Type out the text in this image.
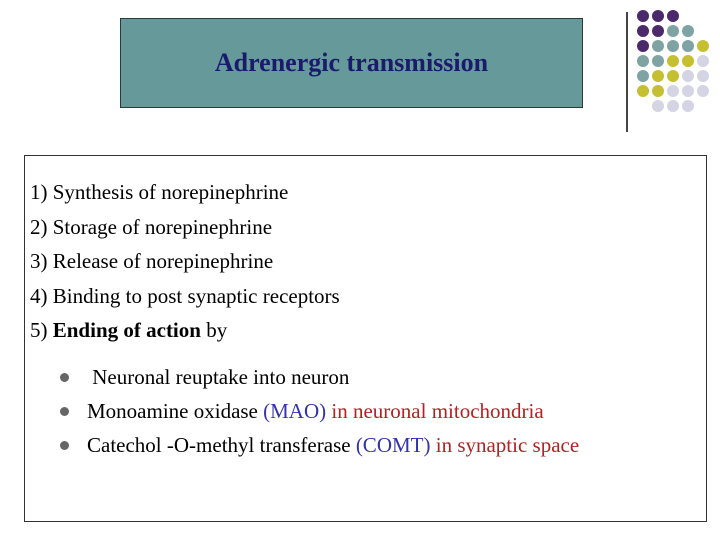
Adrenergic transmission
1) Synthesis of norepinephrine
2) Storage of norepinephrine
3) Release of norepinephrine
4) Binding to post synaptic receptors
5) Ending of action by
Neuronal reuptake into neuron
Monoamine oxidase (MAO) in neuronal mitochondria
Catechol -O-methyl transferase (COMT) in synaptic space
